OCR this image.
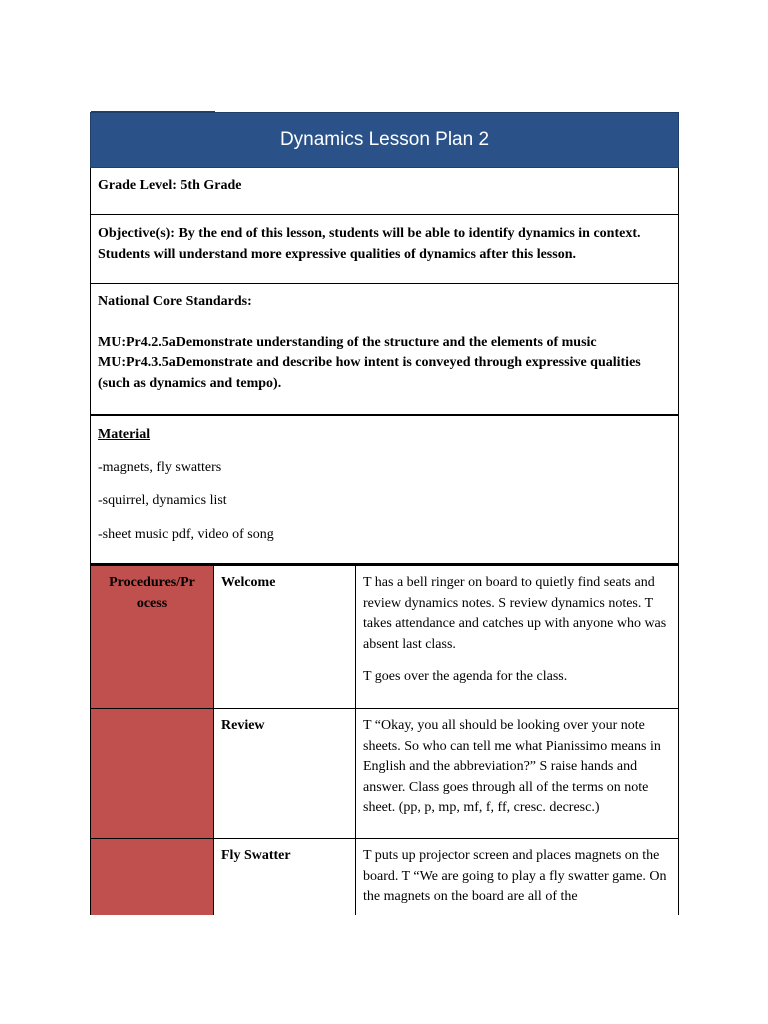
Dynamics Lesson Plan 2
Grade Level: 5th Grade
Objective(s): By the end of this lesson, students will be able to identify dynamics in context. Students will understand more expressive qualities of dynamics after this lesson.

National Core Standards:

MU:Pr4.2.5aDemonstrate understanding of the structure and the elements of music

MU:Pr4.3.5aDemonstrate and describe how intent is conveyed through expressive qualities (such as dynamics and tempo).

Material

-magnets, fly swatters

-squirrel, dynamics list

-sheet music pdf, video of song

Procedures/Pr ocess	Welcome	T has a bell ringer on board to quietly find seats and review dynamics notes. S review dynamics notes. T takes attendance and catches up with anyone who was absent last class.

T goes over the agenda for the class.

	Review	T “Okay, you all should be looking over your note sheets. So who can tell me what Pianissimo means in English and the abbreviation?” S raise hands and answer. Class goes through all of the terms on note sheet. (pp, p, mp, mf, f, ff, cresc. decresc.)

	Fly Swatter	T puts up projector screen and places magnets on the board. T “We are going to play a fly swatter game. On the magnets on the board are all of the
